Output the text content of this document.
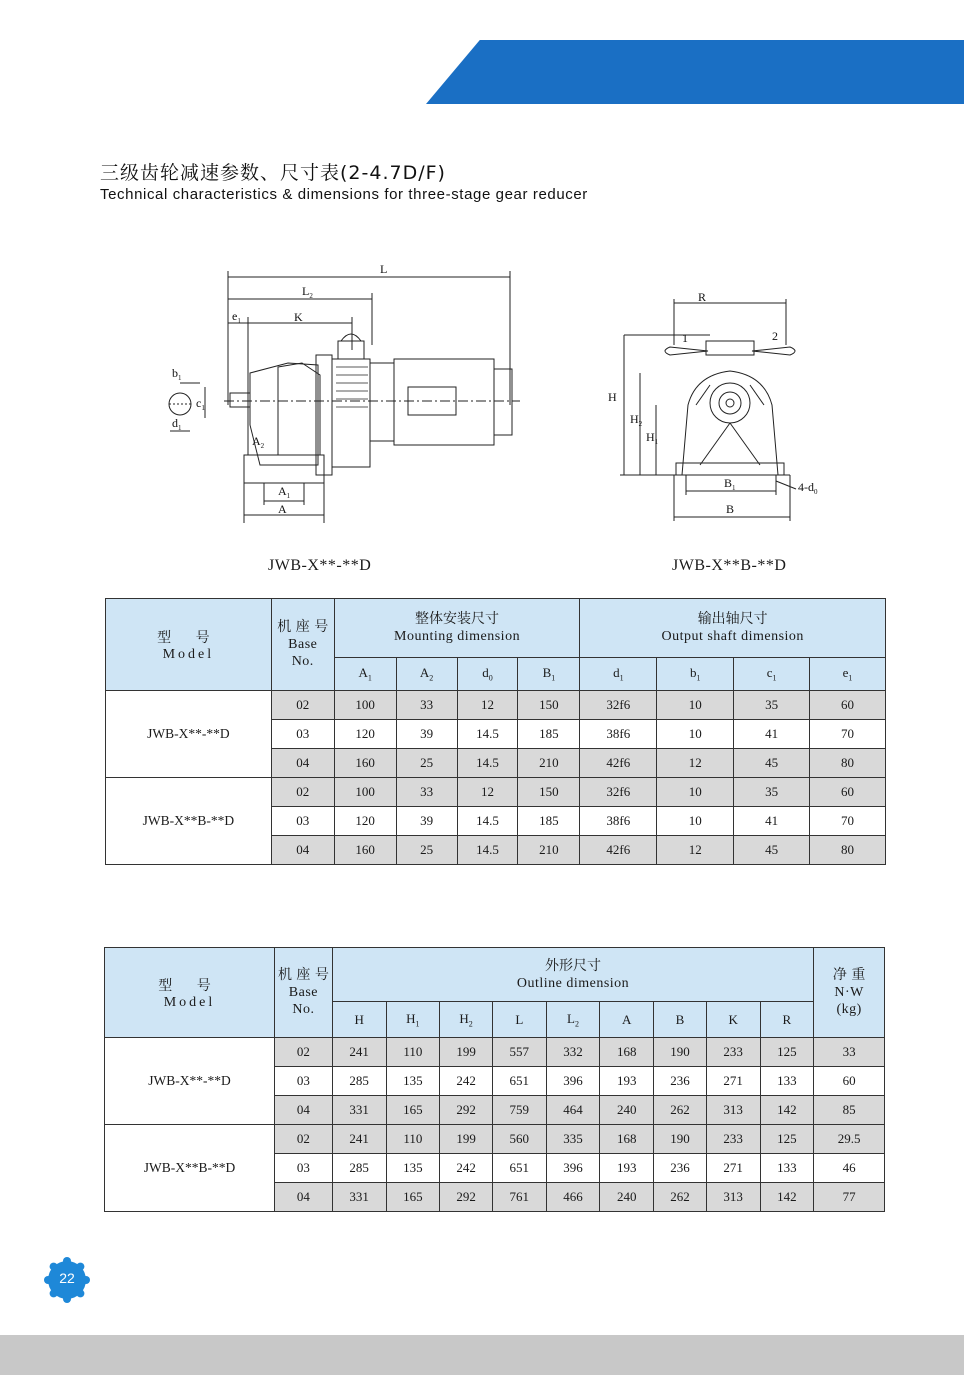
三级齿轮减速参数、尺寸表(2-4.7D/F)
Technical characteristics & dimensions for three-stage gear reducer
L
$L_2$
$e_1$	K
$b_1$
$c_1$
$d_1$
$A_2$
$A_1$
A
R
1	2
H
$H_2$
$H_1$
$B_1$	$4-d_0$
B
JWB-X**-**D	JWB-X**B-**D
型 号
Model	机 座 号
Base
No.	整体安装尺寸
Mounting dimension				输出轴尺寸
Output shaft dimension			

		$A_1$	$A_2$	$d_0$	$B_1$	$d_1$	$b_1$	$c_1$	$e_1$
JWB-X**-**D	02	100	33	12	150	32f6	10	35	60
	03	120	39	14.5	185	38f6	10	41	70
	04	160	25	14.5	210	42f6	12	45	80
JWB-X**B-**D	02	100	33	12	150	32f6	10	35	60
	03	120	39	14.5	185	38f6	10	41	70
	04	160	25	14.5	210	42f6	12	45	80
型 号
Model	机 座 号
Base
No.	外形尺寸
Outline dimension									净 重
N·W
(kg)

		H	$H_1$	$H_2$	L	$L_2$	A	B	K	R	
JWB-X**-**D	02	241	110	199	557	332	168	190	233	125	33
	03	285	135	242	651	396	193	236	271	133	60
	04	331	165	292	759	464	240	262	313	142	85
JWB-X**B-**D	02	241	110	199	560	335	168	190	233	125	29.5
	03	285	135	242	651	396	193	236	271	133	46
	04	331	165	292	761	466	240	262	313	142	77
22
